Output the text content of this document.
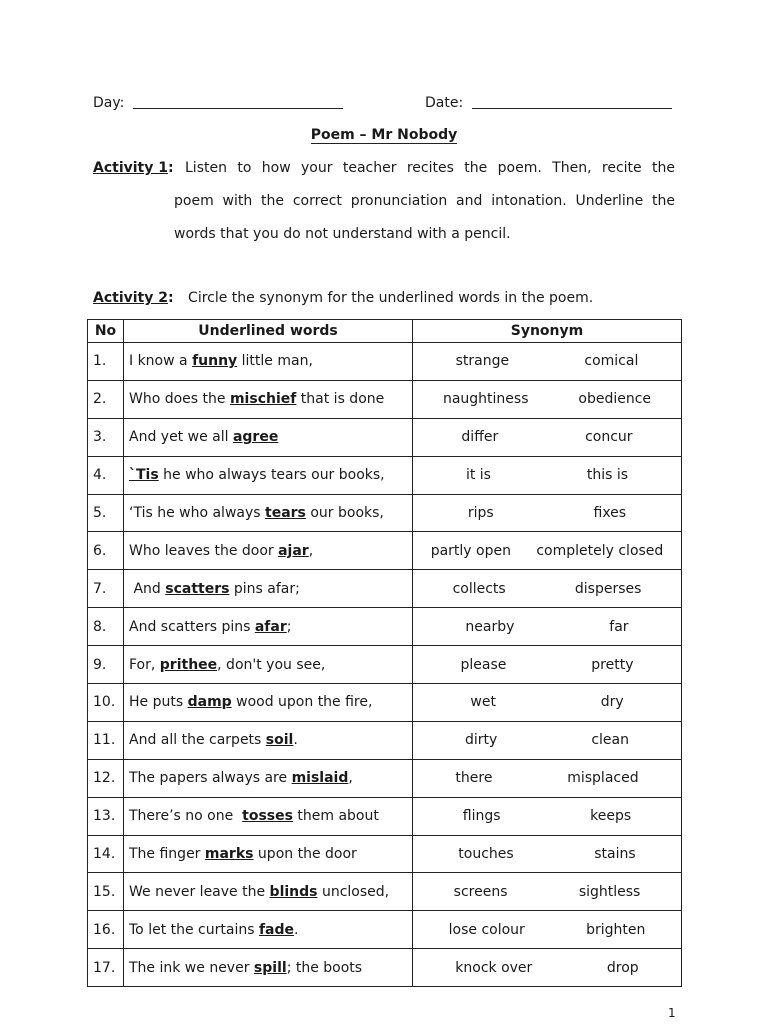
Day:	Date:
Poem – Mr Nobody
Activity 1: Listen to how your teacher recites the poem. Then, recite the
poem with the correct pronunciation and intonation. Underline the
words that you do not understand with a pencil.
Activity 2: Circle the synonym for the underlined words in the poem.
No	Underlined words	Synonym
1.	I know a funny little man,	strange comical

2.	Who does the mischief that is done	naughtiness obedience

3.	And yet we all agree	differ concur

4.	`Tis he who always tears our books,	it is this is

5.	‘Tis he who always tears our books,	rips fixes

6.	Who leaves the door ajar,	partly open completely closed

7.	And scatters pins afar;	collects disperses

8.	And scatters pins afar;	nearby far

9.	For, prithee, don't you see,	please pretty

10.	He puts damp wood upon the fire,	wet dry

11.	And all the carpets soil.	dirty clean

12.	The papers always are mislaid,	there misplaced

13.	There’s no one  tosses them about	flings keeps

14.	The finger marks upon the door	touches stains

15.	We never leave the blinds unclosed,	screens sightless

16.	To let the curtains fade.	lose colour brighten

17.	The ink we never spill; the boots	knock over drop
1
